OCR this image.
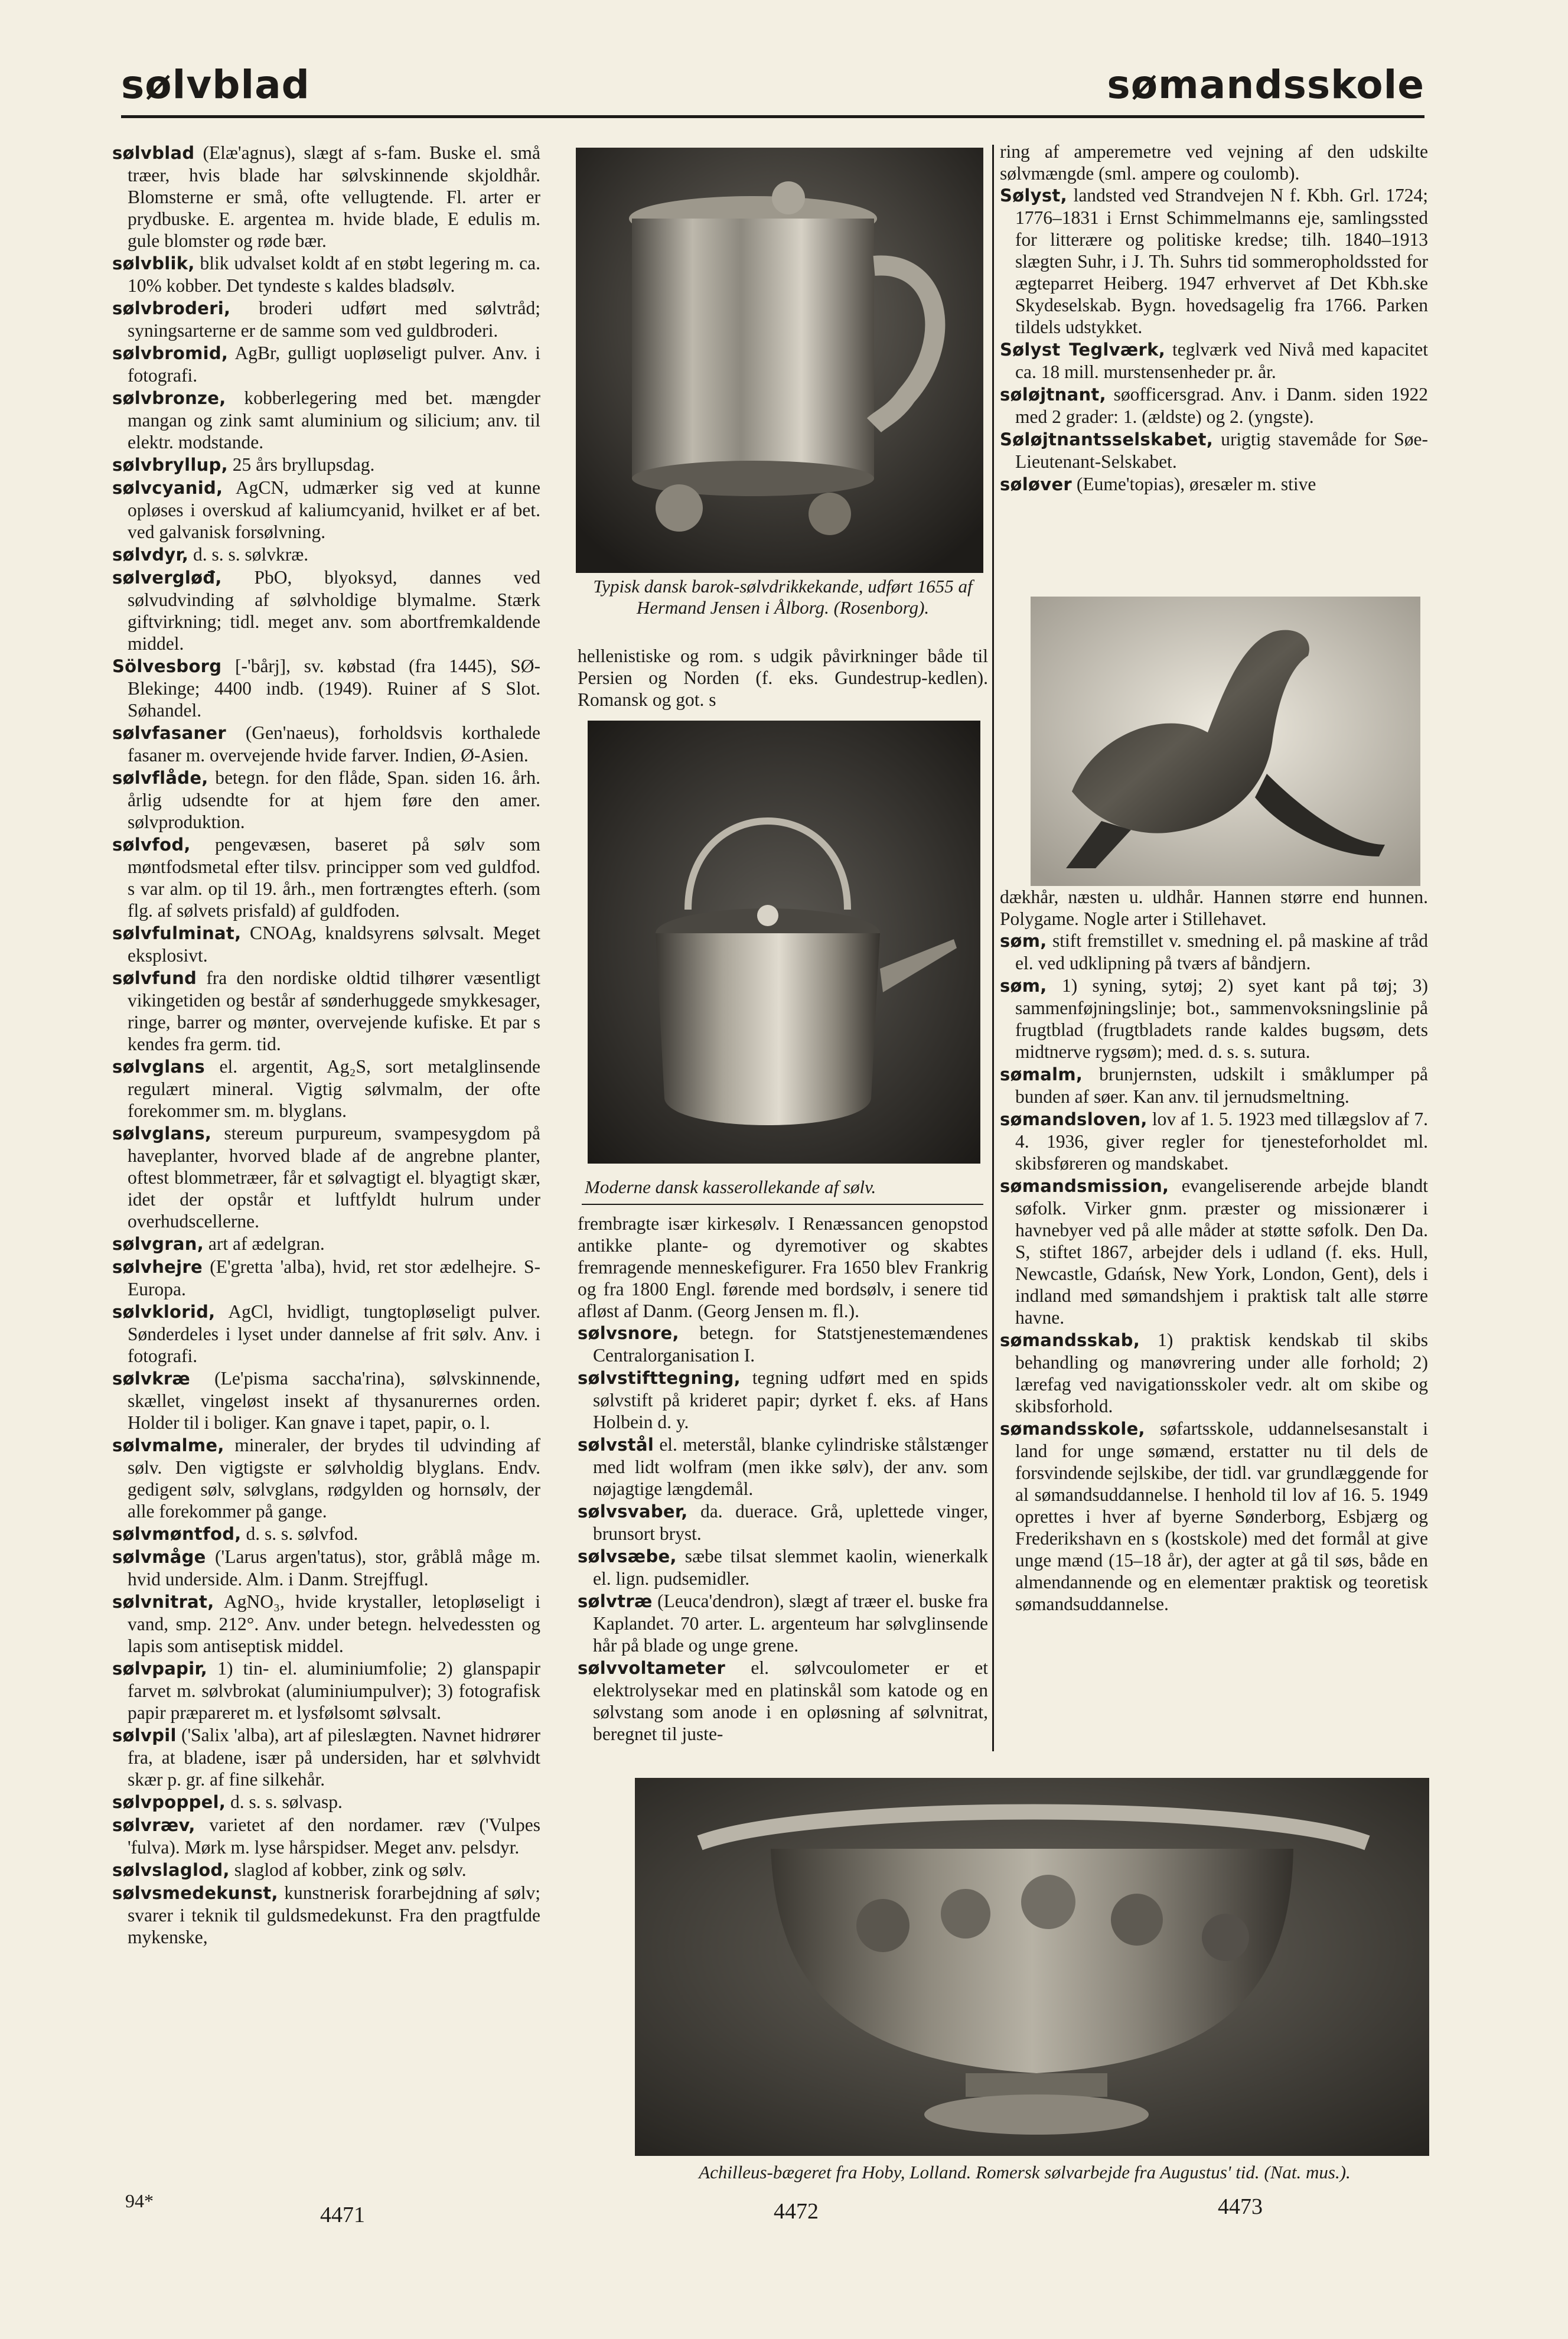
sølvblad	sømandsskole

sølvblad (Elæ'agnus), slægt af s-fam. Buske el. små træer, hvis blade har sølvskinnende skjoldhår. Blomsterne er små, ofte vellugtende. Fl. arter er prydbuske. E. argentea m. hvide blade, E edulis m. gule blomster og røde bær.

sølvblik, blik udvalset koldt af en støbt legering m. ca. 10% kobber. Det tyndeste s kaldes bladsølv.

sølvbroderi, broderi udført med sølvtråd; syningsarterne er de samme som ved guldbroderi.

sølvbromid, AgBr, gulligt uopløseligt pulver. Anv. i fotografi.

sølvbronze, kobberlegering med bet. mængder mangan og zink samt aluminium og silicium; anv. til elektr. modstande.

sølvbryllup, 25 års bryllupsdag.

sølvcyanid, AgCN, udmærker sig ved at kunne opløses i overskud af kaliumcyanid, hvilket er af bet. ved galvanisk forsølvning.

sølvdyr, d. s. s. sølvkræ.

sølvergløđ, PbO, blyoksyd, dannes ved sølvudvinding af sølvholdige blymalme. Stærk giftvirkning; tidl. meget anv. som abortfremkaldende middel.

Sölvesborg [-'bårj], sv. købstad (fra 1445), SØ-Blekinge; 4400 indb. (1949). Ruiner af S Slot. Søhandel.

sølvfasaner (Gen'naeus), forholdsvis korthalede fasaner m. overvejende hvide farver. Indien, Ø-Asien.

sølvflåde, betegn. for den flåde, Span. siden 16. årh. årlig udsendte for at hjem føre den amer. sølvproduktion.

sølvfod, pengevæsen, baseret på sølv som møntfodsmetal efter tilsv. principper som ved guldfod. s var alm. op til 19. årh., men fortrængtes efterh. (som flg. af sølvets prisfald) af guldfoden.

sølvfulminat, CNOAg, knaldsyrens sølvsalt. Meget eksplosivt.

sølvfund fra den nordiske oldtid tilhører væsentligt vikingetiden og består af sønderhuggede smykkesager, ringe, barrer og mønter, overvejende kufiske. Et par s kendes fra germ. tid.

sølvglans el. argentit, Ag₂S, sort metalglinsende regulært mineral. Vigtig sølvmalm, der ofte forekommer sm. m. blyglans.

sølvglans, stereum purpureum, svampesygdom på haveplanter, hvorved blade af de angrebne planter, oftest blommetræer, får et sølvagtigt el. blyagtigt skær, idet der opstår et luftfyldt hulrum under overhudscellerne.

sølvgran, art af ædelgran.

sølvhejre (E'gretta 'alba), hvid, ret stor ædelhejre. S-Europa.

sølvklorid, AgCl, hvidligt, tungtopløseligt pulver. Sønderdeles i lyset under dannelse af frit sølv. Anv. i fotografi.

sølvkræ (Le'pisma saccha'rina), sølvskinnende, skællet, vingeløst insekt af thysanurernes orden. Holder til i boliger. Kan gnave i tapet, papir, o. l.

sølvmalme, mineraler, der brydes til udvinding af sølv. Den vigtigste er sølvholdig blyglans. Endv. gedigent sølv, sølvglans, rødgylden og hornsølv, der alle forekommer på gange.

sølvmøntfod, d. s. s. sølvfod.

sølvmåge ('Larus argen'tatus), stor, gråblå måge m. hvid underside. Alm. i Danm. Strejffugl.

sølvnitrat, AgNO₃, hvide krystaller, letopløseligt i vand, smp. 212°. Anv. under betegn. helvedessten og lapis som antiseptisk middel.

sølvpapir, 1) tin- el. aluminiumfolie; 2) glanspapir farvet m. sølvbrokat (aluminiumpulver); 3) fotografisk papir præpareret m. et lysfølsomt sølvsalt.

sølvpil ('Salix 'alba), art af pileslægten. Navnet hidrører fra, at bladene, især på undersiden, har et sølvhvidt skær p. gr. af fine silkehår.

sølvpoppel, d. s. s. sølvasp.

sølvræv, varietet af den nordamer. ræv ('Vulpes 'fulva). Mørk m. lyse hårspidser. Meget anv. pelsdyr.

sølvslaglod, slaglod af kobber, zink og sølv.

sølvsmedekunst, kunstnerisk forarbejdning af sølv; svarer i teknik til guldsmedekunst. Fra den pragtfulde mykenske,

Typisk dansk barok-sølvdrikkekande, udført 1655 af Hermand Jensen i Ålborg. (Rosenborg).
hellenistiske og rom. s udgik påvirkninger både til Persien og Norden (f. eks. Gundestrup-kedlen). Romansk og got. s
Moderne dansk kasserollekande af sølv.

frembragte især kirkesølv. I Renæssancen genopstod antikke plante- og dyremotiver og skabtes fremragende menneskefigurer. Fra 1650 blev Frankrig og fra 1800 Engl. førende med bordsølv, i senere tid afløst af Danm. (Georg Jensen m. fl.).

sølvsnore, betegn. for Statstjenestemændenes Centralorganisation I.

sølvstifttegning, tegning udført med en spids sølvstift på krideret papir; dyrket f. eks. af Hans Holbein d. y.

sølvstål el. meterstål, blanke cylindriske stålstænger med lidt wolfram (men ikke sølv), der anv. som nøjagtige længdemål.

sølvsvaber, da. duerace. Grå, uplettede vinger, brunsort bryst.

sølvsæbe, sæbe tilsat slemmet kaolin, wienerkalk el. lign. pudsemidler.

sølvtræ (Leuca'dendron), slægt af træer el. buske fra Kaplandet. 70 arter. L. argenteum har sølvglinsende hår på blade og unge grene.

sølvvoltameter el. sølvcoulometer er et elektrolysekar med en platinskål som katode og en sølvstang som anode i en opløsning af sølvnitrat, beregnet til juste-

ring af amperemetre ved vejning af den udskilte sølvmængde (sml. ampere og coulomb).

Sølyst, landsted ved Strandvejen N f. Kbh. Grl. 1724; 1776–1831 i Ernst Schimmelmanns eje, samlingssted for litterære og politiske kredse; tilh. 1840–1913 slægten Suhr, i J. Th. Suhrs tid sommeropholdssted for ægteparret Heiberg. 1947 erhvervet af Det Kbh.ske Skydeselskab. Bygn. hovedsagelig fra 1766. Parken tildels udstykket.

Sølyst Teglværk, teglværk ved Nivå med kapacitet ca. 18 mill. murstensenheder pr. år.

søløjtnant, søofficersgrad. Anv. i Danm. siden 1922 med 2 grader: 1. (ældste) og 2. (yngste).

Søløjtnantsselskabet, urigtig stavemåde for Søe-Lieutenant-Selskabet.

søløver (Eume'topias), øresæler m. stive

dækhår, næsten u. uldhår. Hannen større end hunnen. Polygame. Nogle arter i Stillehavet.

søm, stift fremstillet v. smedning el. på maskine af tråd el. ved udklipning på tværs af båndjern.

søm, 1) syning, sytøj; 2) syet kant på tøj; 3) sammenføjningslinje; bot., sammenvoksningslinie på frugtblad (frugtbladets rande kaldes bugsøm, dets midtnerve rygsøm); med. d. s. s. sutura.

sømalm, brunjernsten, udskilt i småklumper på bunden af søer. Kan anv. til jernudsmeltning.

sømandsloven, lov af 1. 5. 1923 med tillægslov af 7. 4. 1936, giver regler for tjenesteforholdet ml. skibsføreren og mandskabet.

sømandsmission, evangeliserende arbejde blandt søfolk. Virker gnm. præster og missionærer i havnebyer ved på alle måder at støtte søfolk. Den Da. S, stiftet 1867, arbejder dels i udland (f. eks. Hull, Newcastle, Gdańsk, New York, London, Gent), dels i indland med sømandshjem i praktisk talt alle større havne.

sømandsskab, 1) praktisk kendskab til skibs behandling og manøvrering under alle forhold; 2) lærefag ved navigationsskoler vedr. alt om skibe og skibsforhold.

sømandsskole, søfartsskole, uddannelsesanstalt i land for unge sømænd, erstatter nu til dels de forsvindende sejlskibe, der tidl. var grundlæggende for al sømandsuddannelse. I henhold til lov af 16. 5. 1949 oprettes i hver af byerne Sønderborg, Esbjærg og Frederikshavn en s (kostskole) med det formål at give unge mænd (15–18 år), der agter at gå til søs, både en almendannende og en elementær praktisk og teoretisk sømandsuddannelse.

Achilleus-bægeret fra Hoby, Lolland. Romersk sølvarbejde fra Augustus' tid. (Nat. mus.).
94*
4471	4472	4473
